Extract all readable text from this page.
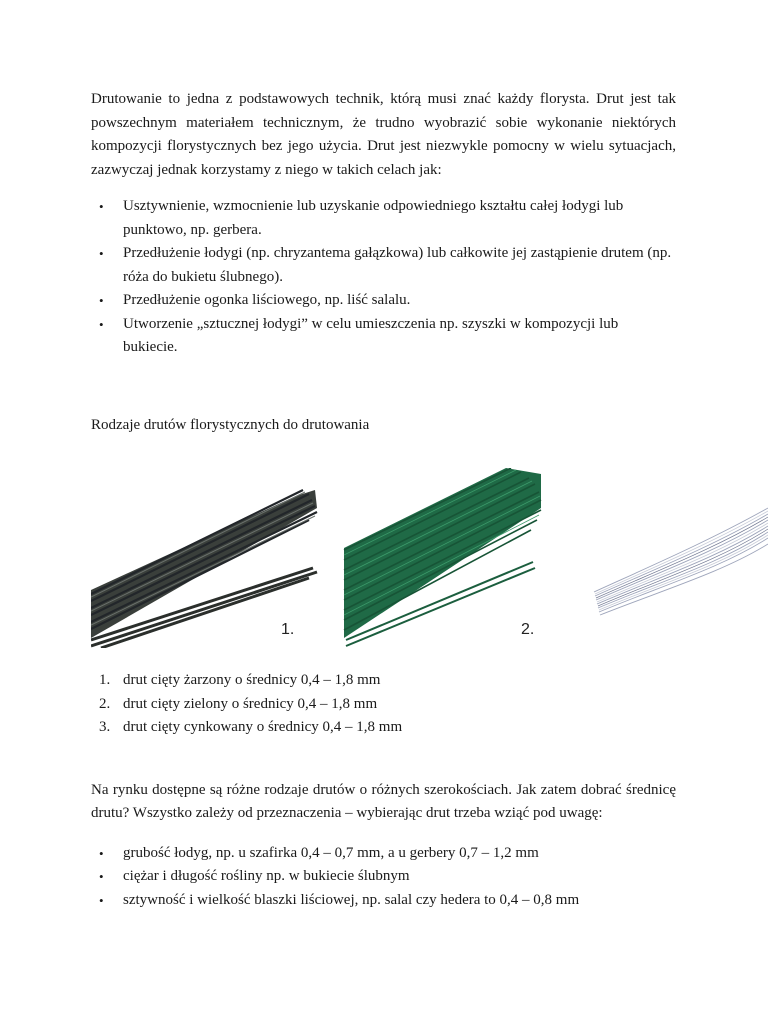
Drutowanie to jedna z podstawowych technik, którą musi znać każdy florysta. Drut jest tak powszechnym materiałem technicznym, że trudno wyobrazić sobie wykonanie niektórych kompozycji florystycznych bez jego użycia. Drut jest niezwykle pomocny w wielu sytuacjach, zazwyczaj jednak korzystamy z niego w takich celach jak:

• Usztywnienie, wzmocnienie lub uzyskanie odpowiedniego kształtu całej łodygi lub punktowo, np. gerbera.
• Przedłużenie łodygi (np. chryzantema gałązkowa) lub całkowite jej zastąpienie drutem (np. róża do bukietu ślubnego).
• Przedłużenie ogonka liściowego, np. liść salalu.
• Utworzenie „sztucznej łodygi” w celu umieszczenia np. szyszki w kompozycji lub bukiecie.

Rodzaje drutów florystycznych do drutowania

1.	2.
1. drut cięty żarzony o średnicy 0,4 – 1,8 mm
2. drut cięty zielony o średnicy 0,4 – 1,8 mm
3. drut cięty cynkowany o średnicy 0,4 – 1,8 mm

Na rynku dostępne są różne rodzaje drutów o różnych szerokościach. Jak zatem dobrać średnicę drutu? Wszystko zależy od przeznaczenia – wybierając drut trzeba wziąć pod uwagę:

• grubość łodyg, np. u szafirka 0,4 – 0,7 mm, a u gerbery 0,7 – 1,2 mm
• ciężar i długość rośliny np. w bukiecie ślubnym
• sztywność i wielkość blaszki liściowej, np. salal czy hedera to 0,4 – 0,8 mm
